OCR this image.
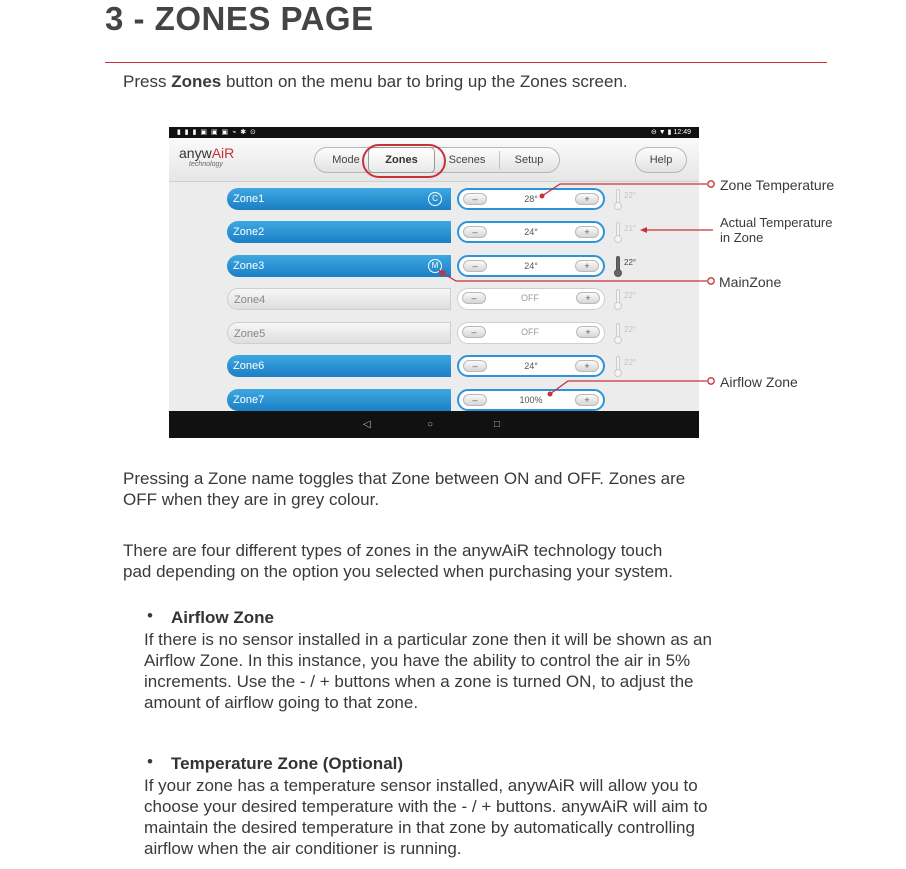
3 - ZONES PAGE

Press Zones button on the menu bar to bring up the Zones screen.

▮ ▮ ▮ ▣ ▣ ▣ ⌁ ✱ ⊙	⊖ ▼ ▮ 12:49
anywAiR
technology	Mode	Zones	Scenes	Setup	Help
Zone1	C	–	28°	+	22°
Zone2	–	24°	+	21°
Zone3	M	–	24°	+	22°
Zone4	–	OFF	+	22°
Zone5	–	OFF	+	22°
Zone6	–	24°	+	22°
Zone7	–	100%	+
◁	○	□
Zone Temperature
Actual Temperature
in Zone
MainZone
Airflow Zone

Pressing a Zone name toggles that Zone between ON and OFF. Zones are
OFF when they are in grey colour.

There are four different types of zones in the anywAiR technology touch
pad depending on the option you selected when purchasing your system.

• Airflow Zone

If there is no sensor installed in a particular zone then it will be shown as an
Airflow Zone. In this instance, you have the ability to control the air in 5%
increments. Use the - / + buttons when a zone is turned ON, to adjust the
amount of airflow going to that zone.

• Temperature Zone (Optional)

If your zone has a temperature sensor installed, anywAiR will allow you to
choose your desired temperature with the - / + buttons. anywAiR will aim to
maintain the desired temperature in that zone by automatically controlling
airflow when the air conditioner is running.
